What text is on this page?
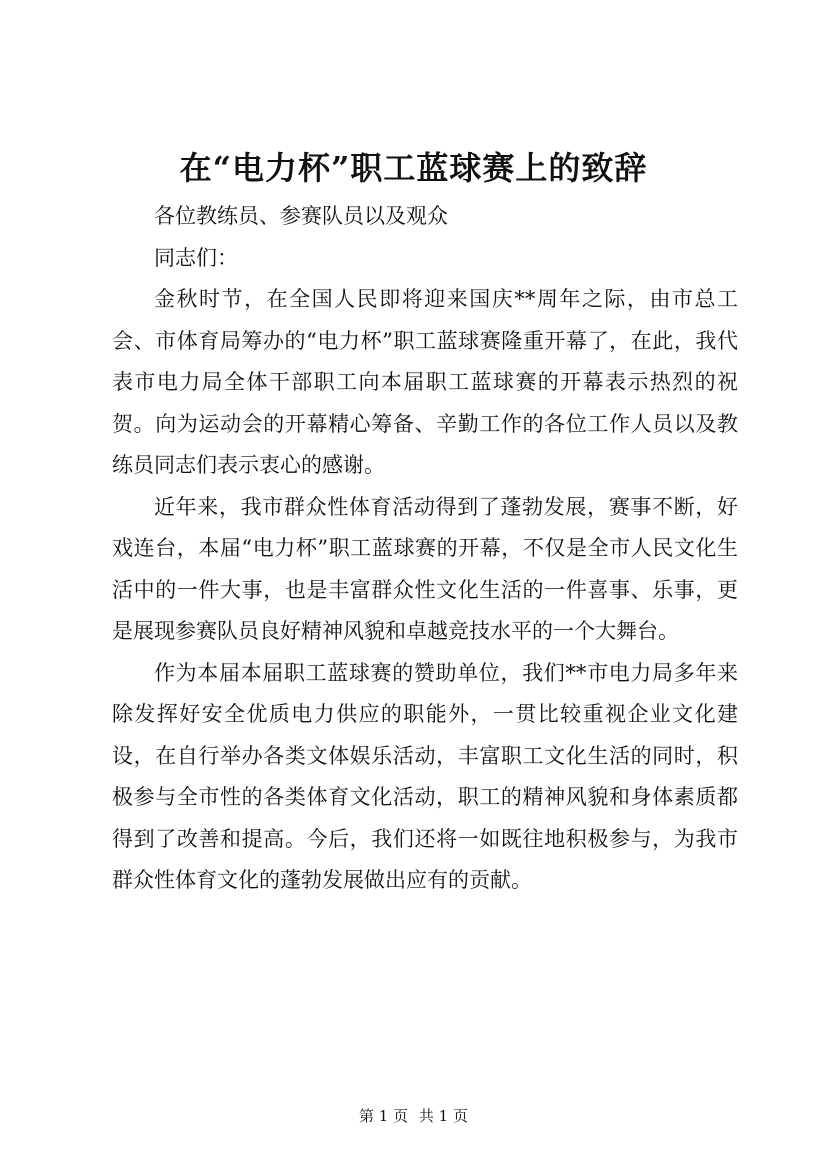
在“电力杯”职工蓝球赛上的致辞

各位教练员、参赛队员以及观众

同志们：

金秋时节，在全国人民即将迎来国庆**周年之际，由市总工会、市体育局筹办的“电力杯”职工蓝球赛隆重开幕了，在此，我代表市电力局全体干部职工向本届职工蓝球赛的开幕表示热烈的祝贺。向为运动会的开幕精心筹备、辛勤工作的各位工作人员以及教练员同志们表示衷心的感谢。

近年来，我市群众性体育活动得到了蓬勃发展，赛事不断，好戏连台，本届“电力杯”职工蓝球赛的开幕，不仅是全市人民文化生活中的一件大事，也是丰富群众性文化生活的一件喜事、乐事，更是展现参赛队员良好精神风貌和卓越竞技水平的一个大舞台。

作为本届本届职工蓝球赛的赞助单位，我们**市电力局多年来除发挥好安全优质电力供应的职能外，一贯比较重视企业文化建设，在自行举办各类文体娱乐活动，丰富职工文化生活的同时，积极参与全市性的各类体育文化活动，职工的精神风貌和身体素质都得到了改善和提高。今后，我们还将一如既往地积极参与，为我市群众性体育文化的蓬勃发展做出应有的贡献。

第 1 页 共 1 页
